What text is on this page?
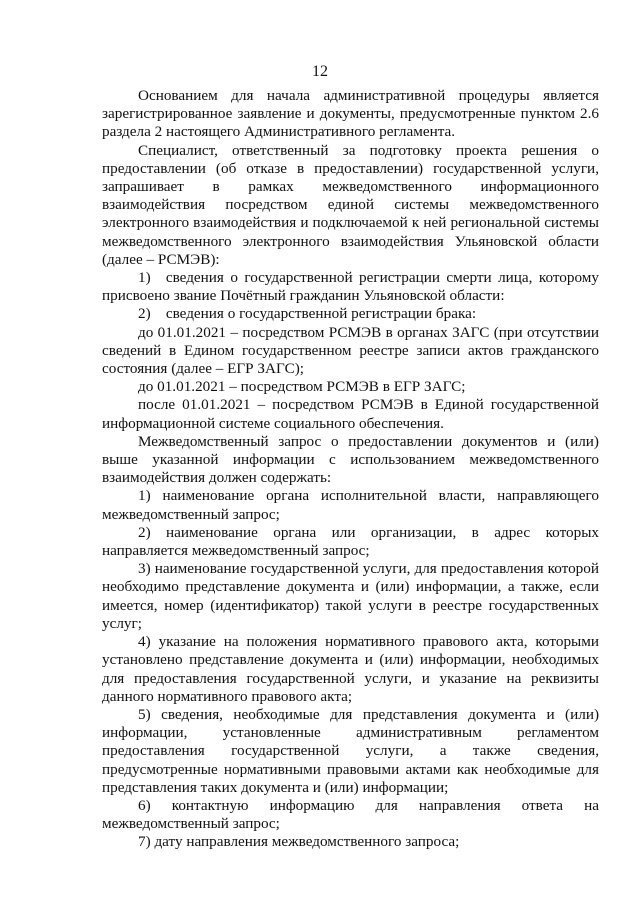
12

Основанием для начала административной процедуры является зарегистрированное заявление и документы, предусмотренные пунктом 2.6 раздела 2 настоящего Административного регламента.

Специалист, ответственный за подготовку проекта решения о предоставлении (об отказе в предоставлении) государственной услуги, запрашивает в рамках межведомственного информационного взаимодействия посредством единой системы межведомственного электронного взаимодействия и подключаемой к ней региональной системы межведомственного электронного взаимодействия Ульяновской области (далее – РСМЭВ):

1) сведения о государственной регистрации смерти лица, которому присвоено звание Почётный гражданин Ульяновской области:

2) сведения о государственной регистрации брака:

до 01.01.2021 – посредством РСМЭВ в органах ЗАГС (при отсутствии сведений в Едином государственном реестре записи актов гражданского состояния (далее – ЕГР ЗАГС);

до 01.01.2021 – посредством РСМЭВ в ЕГР ЗАГС;

после 01.01.2021 – посредством РСМЭВ в Единой государственной информационной системе социального обеспечения.

Межведомственный запрос о предоставлении документов и (или) выше указанной информации с использованием межведомственного взаимодействия должен содержать:

1) наименование органа исполнительной власти, направляющего межведомственный запрос;

2) наименование органа или организации, в адрес которых направляется межведомственный запрос;

3) наименование государственной услуги, для предоставления которой необходимо представление документа и (или) информации, а также, если имеется, номер (идентификатор) такой услуги в реестре государственных услуг;

4) указание на положения нормативного правового акта, которыми установлено представление документа и (или) информации, необходимых для предоставления государственной услуги, и указание на реквизиты данного нормативного правового акта;

5) сведения, необходимые для представления документа и (или) информации, установленные административным регламентом предоставления государственной услуги, а также сведения, предусмотренные нормативными правовыми актами как необходимые для представления таких документа и (или) информации;

6) контактную информацию для направления ответа на межведомственный запрос;

7) дату направления межведомственного запроса;
